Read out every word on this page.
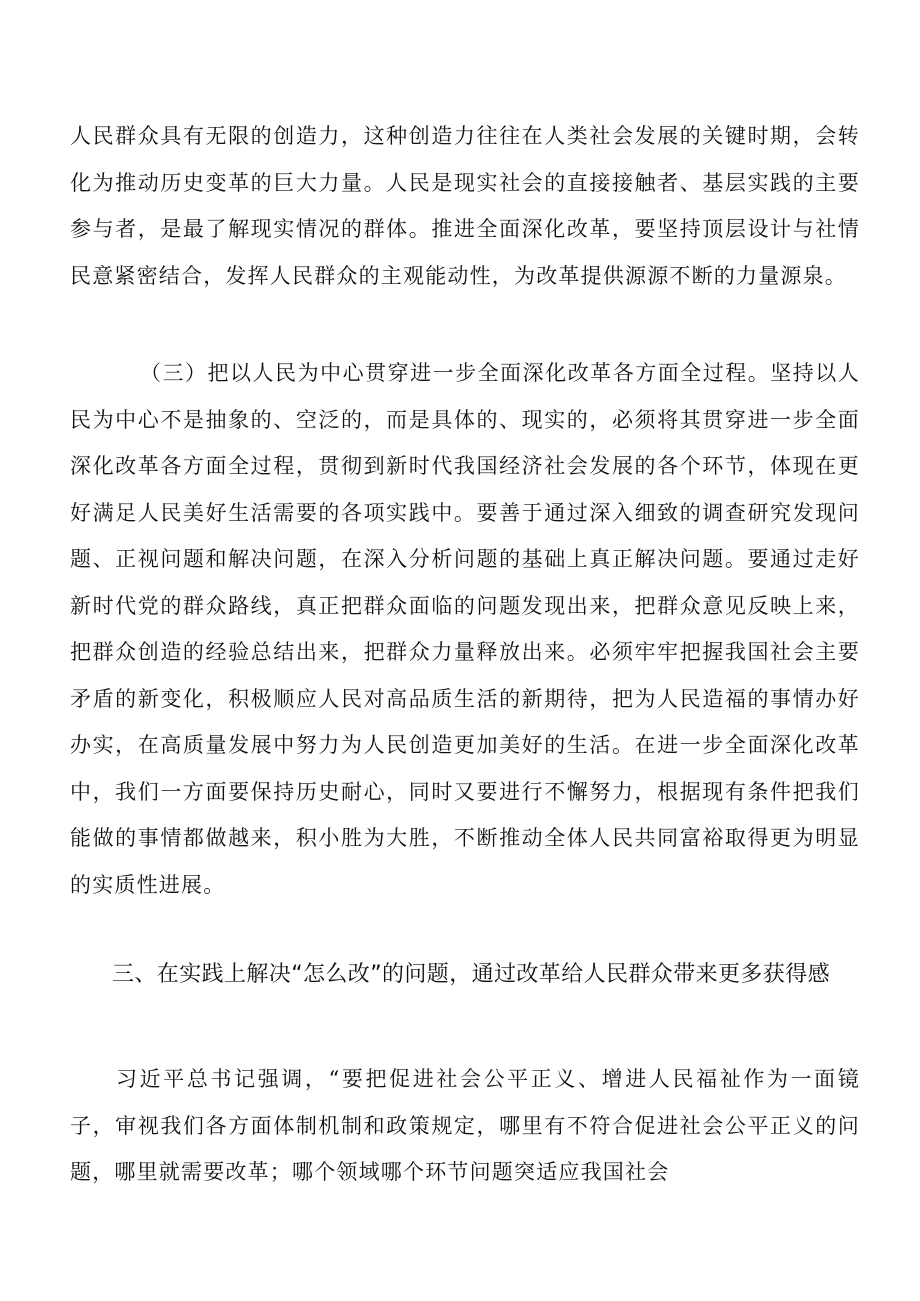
人民群众具有无限的创造力，这种创造力往往在人类社会发展的关键时期，会转化为推动历史变革的巨大力量。人民是现实社会的直接接触者、基层实践的主要参与者，是最了解现实情况的群体。推进全面深化改革，要坚持顶层设计与社情民意紧密结合，发挥人民群众的主观能动性，为改革提供源源不断的力量源泉。

（三）把以人民为中心贯穿进一步全面深化改革各方面全过程。坚持以人民为中心不是抽象的、空泛的，而是具体的、现实的，必须将其贯穿进一步全面深化改革各方面全过程，贯彻到新时代我国经济社会发展的各个环节，体现在更好满足人民美好生活需要的各项实践中。要善于通过深入细致的调查研究发现问题、正视问题和解决问题，在深入分析问题的基础上真正解决问题。要通过走好新时代党的群众路线，真正把群众面临的问题发现出来，把群众意见反映上来，把群众创造的经验总结出来，把群众力量释放出来。必须牢牢把握我国社会主要矛盾的新变化，积极顺应人民对高品质生活的新期待，把为人民造福的事情办好办实，在高质量发展中努力为人民创造更加美好的生活。在进一步全面深化改革中，我们一方面要保持历史耐心，同时又要进行不懈努力，根据现有条件把我们能做的事情都做越来，积小胜为大胜，不断推动全体人民共同富裕取得更为明显的实质性进展。

三、在实践上解决“怎么改”的问题，通过改革给人民群众带来更多获得感

习近平总书记强调，“要把促进社会公平正义、增进人民福祉作为一面镜子，审视我们各方面体制机制和政策规定，哪里有不符合促进社会公平正义的问题，哪里就需要改革；哪个领域哪个环节问题突适应我国社会
